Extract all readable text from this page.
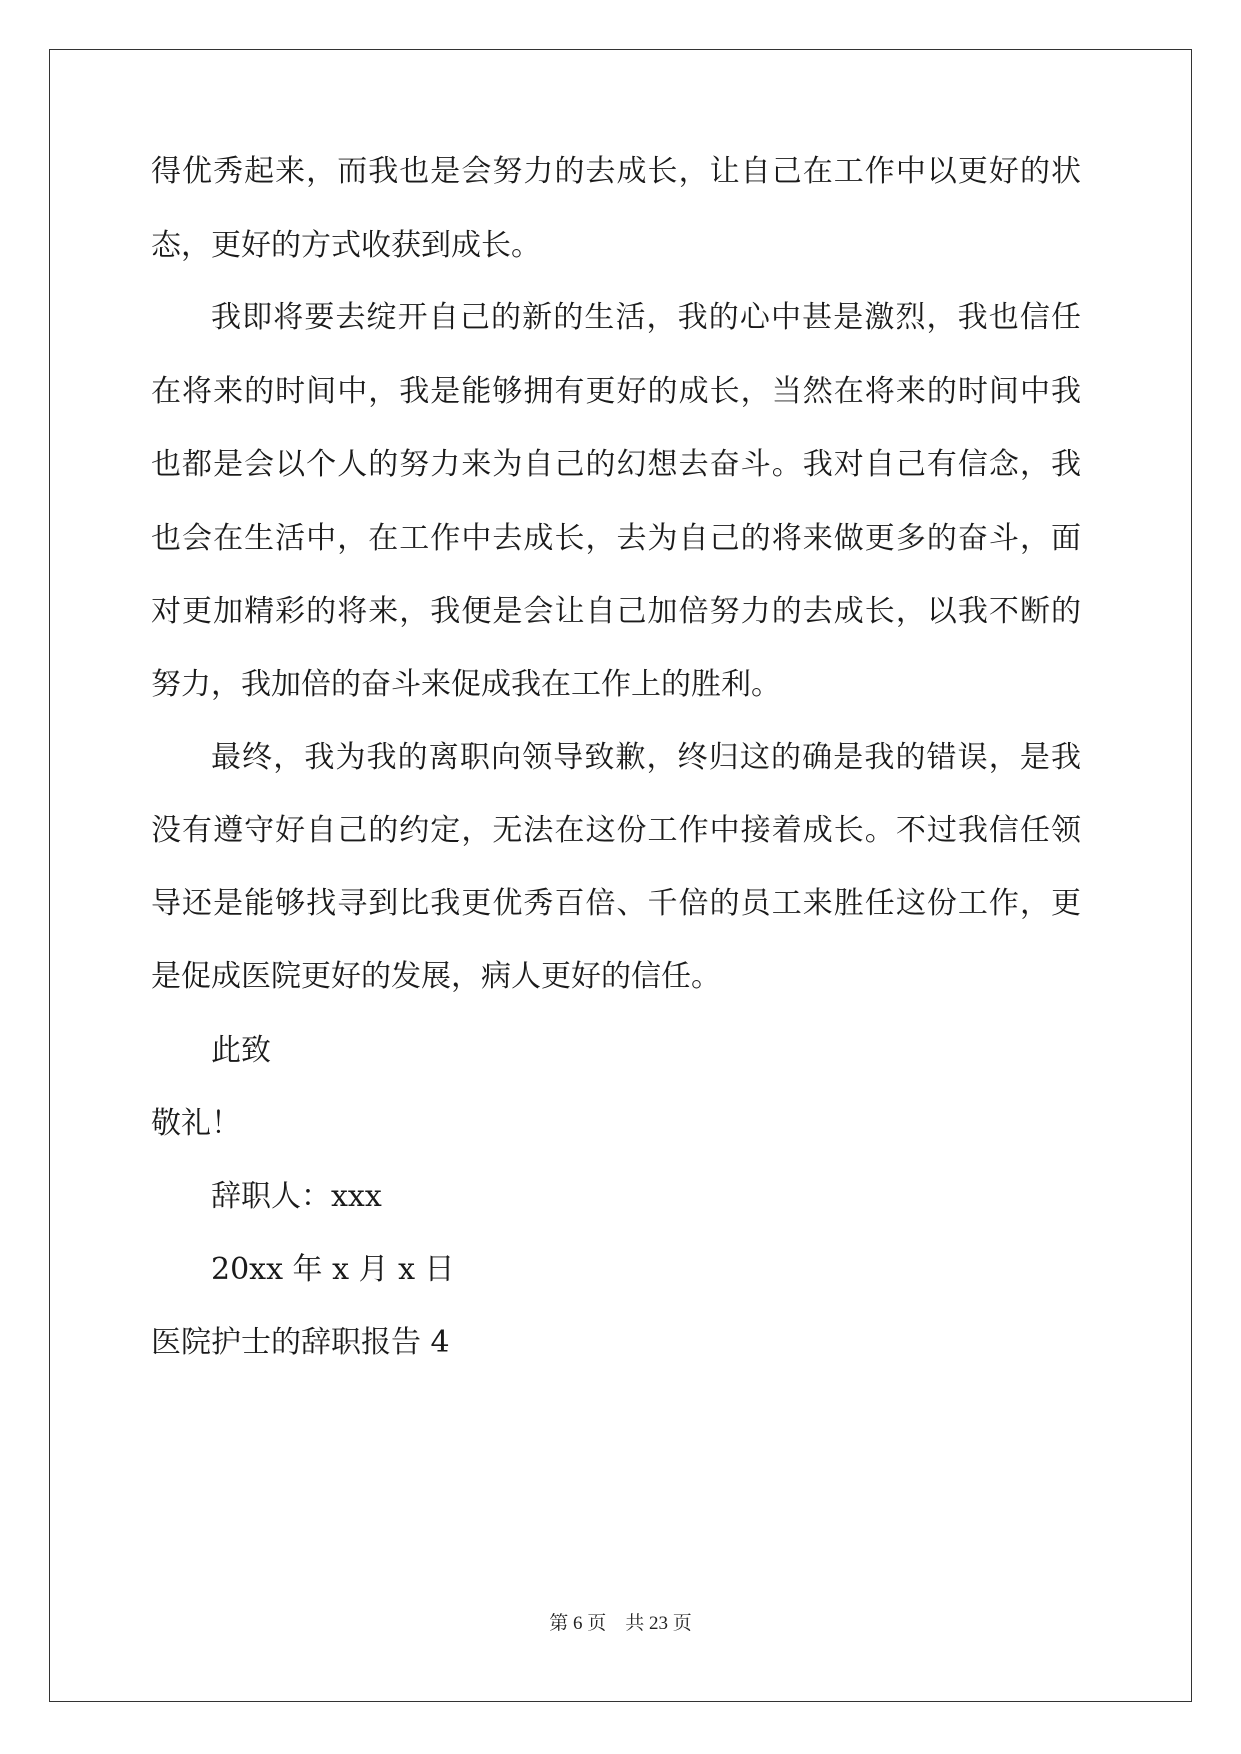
得优秀起来，而我也是会努力的去成长，让自己在工作中以更好的状
态，更好的方式收获到成长。
我即将要去绽开自己的新的生活，我的心中甚是激烈，我也信任
在将来的时间中，我是能够拥有更好的成长，当然在将来的时间中我
也都是会以个人的努力来为自己的幻想去奋斗。我对自己有信念，我
也会在生活中，在工作中去成长，去为自己的将来做更多的奋斗，面
对更加精彩的将来，我便是会让自己加倍努力的去成长，以我不断的
努力，我加倍的奋斗来促成我在工作上的胜利。
最终，我为我的离职向领导致歉，终归这的确是我的错误，是我
没有遵守好自己的约定，无法在这份工作中接着成长。不过我信任领
导还是能够找寻到比我更优秀百倍、千倍的员工来胜任这份工作，更
是促成医院更好的发展，病人更好的信任。
此致
敬礼！
辞职人：xxx
20xx 年 x 月 x 日
医院护士的辞职报告 4
第 6 页　共 23 页
